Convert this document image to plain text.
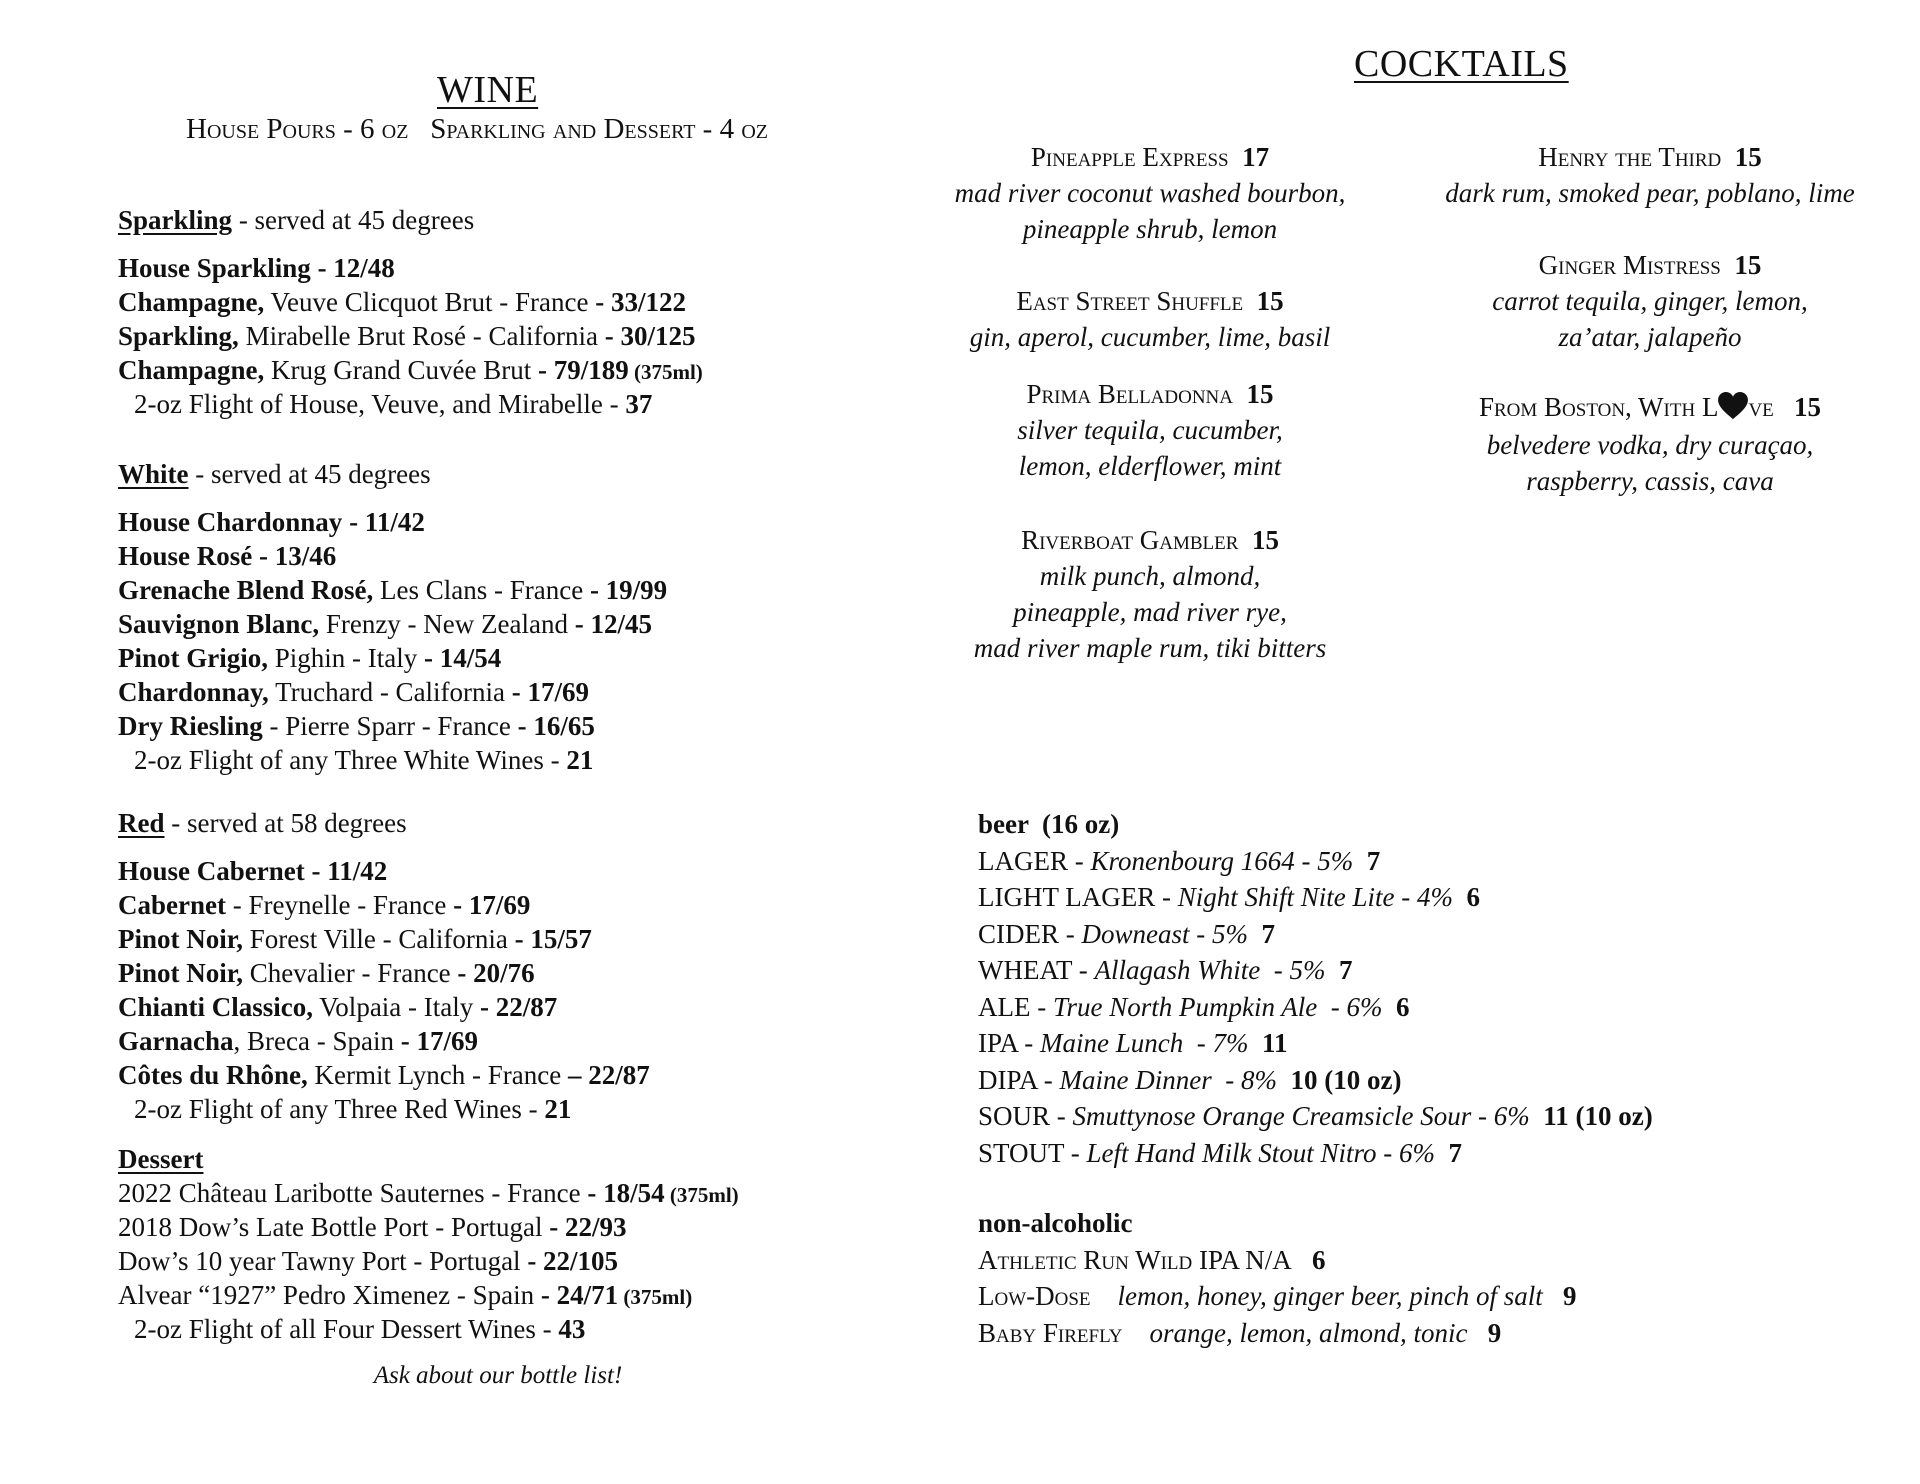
WINE
House Pours - 6 oz   Sparkling and Dessert - 4 oz
Sparkling - served at 45 degrees
House Sparkling - 12/48
Champagne, Veuve Clicquot Brut - France - 33/122
Sparkling, Mirabelle Brut Rosé - California - 30/125
Champagne, Krug Grand Cuvée Brut - 79/189 (375ml)
2-oz Flight of House, Veuve, and Mirabelle - 37
White - served at 45 degrees
House Chardonnay - 11/42
House Rosé - 13/46
Grenache Blend Rosé, Les Clans - France - 19/99
Sauvignon Blanc, Frenzy - New Zealand - 12/45
Pinot Grigio, Pighin - Italy - 14/54
Chardonnay, Truchard - California - 17/69
Dry Riesling - Pierre Sparr - France - 16/65
2-oz Flight of any Three White Wines - 21
Red - served at 58 degrees
House Cabernet - 11/42
Cabernet - Freynelle - France - 17/69
Pinot Noir, Forest Ville - California - 15/57
Pinot Noir, Chevalier - France - 20/76
Chianti Classico, Volpaia - Italy - 22/87
Garnacha, Breca - Spain - 17/69
Côtes du Rhône, Kermit Lynch - France – 22/87
2-oz Flight of any Three Red Wines - 21
Dessert
2022 Château Laribotte Sauternes - France - 18/54 (375ml)
2018 Dow’s Late Bottle Port - Portugal - 22/93
Dow’s 10 year Tawny Port - Portugal - 22/105
Alvear “1927” Pedro Ximenez - Spain - 24/71 (375ml)
2-oz Flight of all Four Dessert Wines - 43
Ask about our bottle list!
COCKTAILS
Pineapple Express 17
mad river coconut washed bourbon,
pineapple shrub, lemon
East Street Shuffle 15
gin, aperol, cucumber, lime, basil
Prima Belladonna 15
silver tequila, cucumber,
lemon, elderflower, mint
Riverboat Gambler 15
milk punch, almond,
pineapple, mad river rye,
mad river maple rum, tiki bitters
Henry the Third 15
dark rum, smoked pear, poblano, lime
Ginger Mistress 15
carrot tequila, ginger, lemon,
za’atar, jalapeño
From Boston, With L ve 15
belvedere vodka, dry curaçao,
raspberry, cassis, cava
beer  (16 oz)
LAGER - Kronenbourg 1664 - 5% 7
LIGHT LAGER - Night Shift Nite Lite - 4% 6
CIDER - Downeast - 5% 7
WHEAT - Allagash White  - 5% 7
ALE - True North Pumpkin Ale  - 6% 6
IPA - Maine Lunch  - 7% 11
DIPA - Maine Dinner  - 8% 10 (10 oz)
SOUR - Smuttynose Orange Creamsicle Sour - 6% 11 (10 oz)
STOUT - Left Hand Milk Stout Nitro - 6% 7
non-alcoholic
Athletic Run Wild IPA N/A 6
Low-Dose lemon, honey, ginger beer, pinch of salt 9
Baby Firefly orange, lemon, almond, tonic 9
